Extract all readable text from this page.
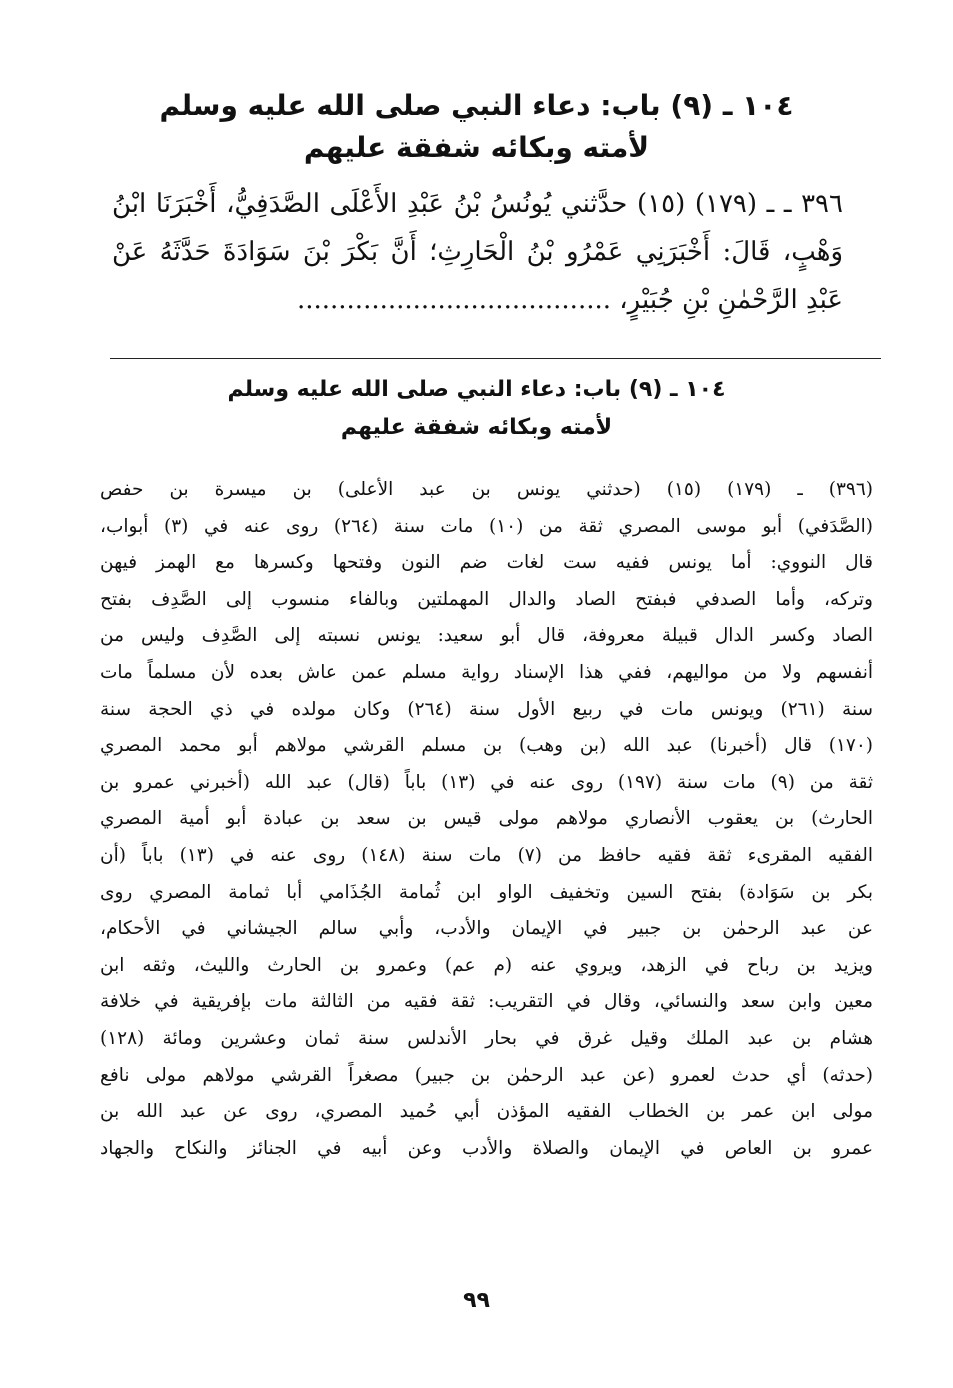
١٠٤ ـ (٩) باب: دعاء النبي صلى الله عليه وسلم
لأمته وبكائه شفقة عليهم
٣٩٦ ـ ـ (١٧٩) (١٥) حدَّثني يُونُسُ بْنُ عَبْدِ الأَعْلَى الصَّدَفِيُّ، أَخْبَرَنَا ابْنُ
وَهْبٍ، قَالَ: أَخْبَرَنِي عَمْرُو بْنُ الْحَارِثِ؛ أَنَّ بَكْرَ بْنَ سَوَادَةَ حَدَّثَهُ عَنْ
عَبْدِ الرَّحْمٰنِ بْنِ جُبَيْرٍ، ......................................
١٠٤ ـ (٩) باب: دعاء النبي صلى الله عليه وسلم
لأمته وبكائه شفقة عليهم
(٣٩٦) ـ (١٧٩) (١٥) (حدثني يونس بن عبد الأعلى) بن ميسرة بن حفص
(الصَّدَفي) أبو موسى المصري ثقة من (١٠) مات سنة (٢٦٤) روى عنه في (٣) أبواب،
قال النووي: أما يونس ففيه ست لغات ضم النون وفتحها وكسرها مع الهمز فيهن
وتركه، وأما الصدفي فبفتح الصاد والدال المهملتين وبالفاء منسوب إلى الصَّدِف بفتح
الصاد وكسر الدال قبيلة معروفة، قال أبو سعيد: يونس نسبته إلى الصَّدِف وليس من
أنفسهم ولا من مواليهم، ففي هذا الإسناد رواية مسلم عمن عاش بعده لأن مسلماً مات
سنة (٢٦١) ويونس مات في ربيع الأول سنة (٢٦٤) وكان مولده في ذي الحجة سنة
(١٧٠) قال (أخبرنا) عبد الله (بن وهب) بن مسلم القرشي مولاهم أبو محمد المصري
ثقة من (٩) مات سنة (١٩٧) روى عنه في (١٣) باباً (قال) عبد الله (أخبرني عمرو بن
الحارث) بن يعقوب الأنصاري مولاهم مولى قيس بن سعد بن عبادة أبو أمية المصري
الفقيه المقرىء ثقة فقيه حافظ من (٧) مات سنة (١٤٨) روى عنه في (١٣) باباً (أن
بكر بن سَوَادة) بفتح السين وتخفيف الواو ابن ثُمامة الجُذَامي أبا ثمامة المصري روى
عن عبد الرحمٰن بن جبير في الإيمان والأدب، وأبي سالم الجيشاني في الأحكام،
ويزيد بن رباح في الزهد، ويروي عنه (م عم) وعمرو بن الحارث والليث، وثقه ابن
معين وابن سعد والنسائي، وقال في التقريب: ثقة فقيه من الثالثة مات بإفريقية في خلافة
هشام بن عبد الملك وقيل غرق في بحار الأندلس سنة ثمان وعشرين ومائة (١٢٨)
(حدثه) أي حدث لعمرو (عن عبد الرحمٰن بن جبير) مصغراً القرشي مولاهم مولى نافع
مولى ابن عمر بن الخطاب الفقيه المؤذن أبي حُميد المصري، روى عن عبد الله بن
عمرو بن العاص في الإيمان والصلاة والأدب وعن أبيه في الجنائز والنكاح والجهاد
٩٩
